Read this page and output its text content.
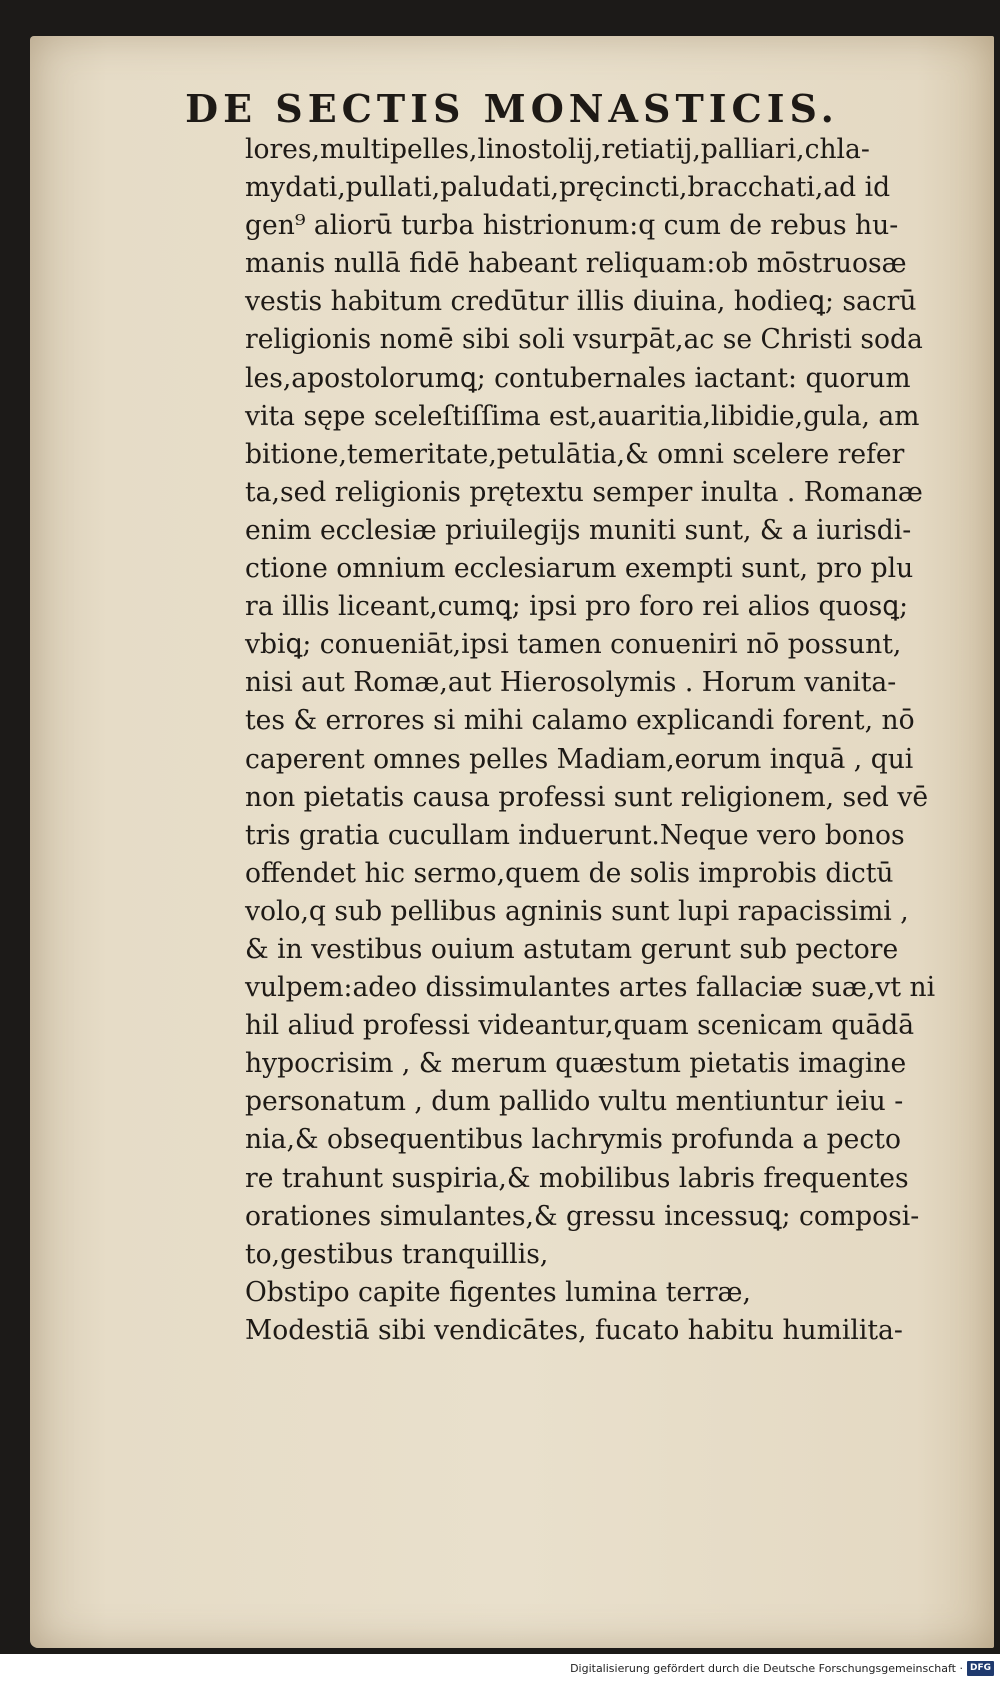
DE SECTIS MONASTICIS.
lores,multipelles,linostolij,retiatij,palliari,chla-
mydati,pullati,paludati,pręcincti,bracchati,ad id
gen⁹ aliorū turba histrionum:q cum de rebus hu-
manis nullā fidē habeant reliquam:ob mōstruosæ
vestis habitum credūtur illis diuina, hodieꝗ; sacrū
religionis nomē sibi soli vsurpāt,ac se Christi soda
les,apostolorumꝗ; contubernales iactant: quorum
vita sępe sceleſtiſſima est,auaritia,libidie,gula, am
bitione,temeritate,petulātia,& omni scelere refer
ta,sed religionis prętextu semper inulta . Romanæ
enim ecclesiæ priuilegijs muniti sunt, & a iurisdi-
ctione omnium ecclesiarum exempti sunt, pro plu
ra illis liceant,cumꝗ; ipsi pro foro rei alios quosꝗ;
vbiꝗ; conueniāt,ipsi tamen conueniri nō possunt,
nisi aut Romæ,aut Hierosolymis . Horum vanita-
tes & errores si mihi calamo explicandi forent, nō
caperent omnes pelles Madiam,eorum inquā , qui
non pietatis causa professi sunt religionem, sed vē
tris gratia cucullam induerunt.Neque vero bonos
offendet hic sermo,quem de solis improbis dictū
volo,q sub pellibus agninis sunt lupi rapacissimi ,
& in vestibus ouium astutam gerunt sub pectore
vulpem:adeo dissimulantes artes fallaciæ suæ,vt ni
hil aliud professi videantur,quam scenicam quādā
hypocrisim , & merum quæstum pietatis imagine
personatum , dum pallido vultu mentiuntur ieiu -
nia,& obsequentibus lachrymis profunda a pecto
re trahunt suspiria,& mobilibus labris frequentes
orationes simulantes,& gressu incessuꝗ; composi-
to,gestibus tranquillis,
Obstipo capite figentes lumina terræ,
Modestiā sibi vendicātes, fucato habitu humilita-
Digitalisierung gefördert durch die Deutsche Forschungsgemeinschaft · DFG
